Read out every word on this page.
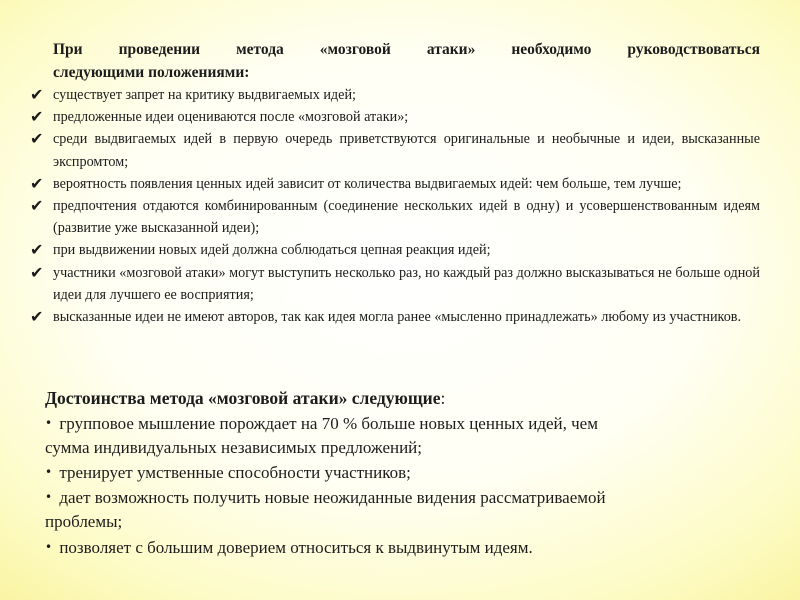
При проведении метода «мозговой атаки» необходимо руководствоваться
следующими положениями:

✔ существует запрет на критику выдвигаемых идей;
✔ предложенные идеи оцениваются после «мозговой атаки»;
✔ среди выдвигаемых идей в первую очередь приветствуются оригинальные и необычные и идеи, высказанные экспромтом;
✔ вероятность появления ценных идей зависит от количества выдвигаемых идей: чем больше, тем лучше;
✔ предпочтения отдаются комбинированным (соединение нескольких идей в одну) и усовершенствованным идеям (развитие уже высказанной идеи);
✔ при выдвижении новых идей должна соблюдаться цепная реакция идей;
✔ участники «мозговой атаки» могут выступить несколько раз, но каждый раз должно высказываться не больше одной идеи для лучшего ее восприятия;
✔ высказанные идеи не имеют авторов, так как идея могла ранее «мысленно принадлежать» любому из участников.

Достоинства метода «мозговой атаки» следующие:

• групповое мышление порождает на 70 % больше новых ценных идей, чем
сумма индивидуальных независимых предложений;
• тренирует умственные способности участников;
• дает возможность получить новые неожиданные видения рассматриваемой
проблемы;
• позволяет с большим доверием относиться к выдвинутым идеям.
